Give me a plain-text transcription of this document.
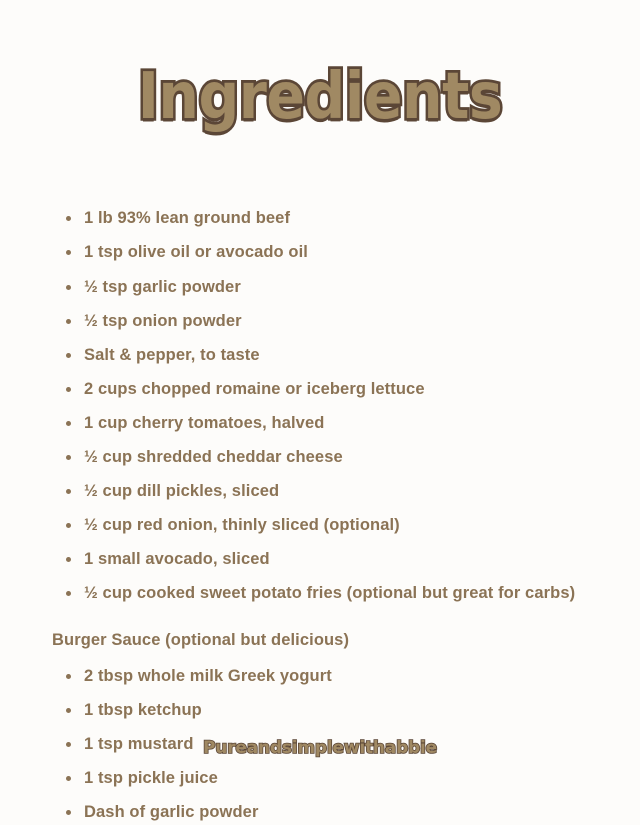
Ingredients
1 lb 93% lean ground beef
1 tsp olive oil or avocado oil
½ tsp garlic powder
½ tsp onion powder
Salt & pepper, to taste
2 cups chopped romaine or iceberg lettuce
1 cup cherry tomatoes, halved
½ cup shredded cheddar cheese
½ cup dill pickles, sliced
½ cup red onion, thinly sliced (optional)
1 small avocado, sliced
½ cup cooked sweet potato fries (optional but great for carbs)
Burger Sauce (optional but delicious)
2 tbsp whole milk Greek yogurt
1 tbsp ketchup
1 tsp mustard
1 tsp pickle juice
Dash of garlic powder
Pureandsimplewithabbie
